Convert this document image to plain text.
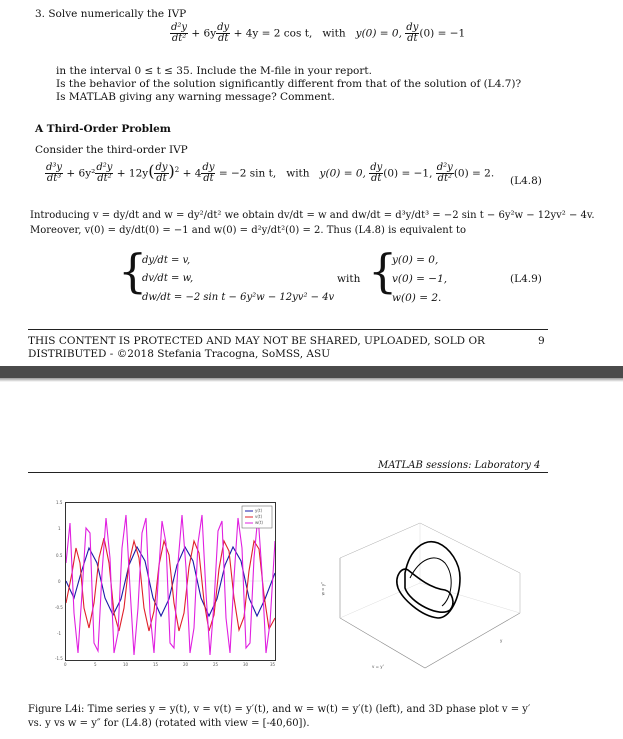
3. Solve numerically the IVP
$\frac{\text{d²y}}{\text{dt²}} + 6y \frac{dy}{dt} + 4y = 2$ cos t, with y(0) = 0, $\frac{dy}{dt} (0) = -1$
in the interval 0 ≤ t ≤ 35. Include the M-file in your report.
Is the behavior of the solution significantly different from that of the solution of (L4.7)?
Is MATLAB giving any warning message? Comment.
A Third-Order Problem
Consider the third-order IVP
$\frac{\text{d³y}}{\text{dt³}} + 6y^2 \frac{\text{d²y}}{\text{dt²}} + 12y( \frac{dy}{dt} )^2 + 4 \frac{dy}{dt} = -2$ sin t, with y(0) = 0, $\frac{dy}{dt} (0) = -1$, $\frac{\text{d²y}}{\text{dt²}} (0) = 2$.
(L4.8)
Introducing v = dy/dt and w = dy²/dt² we obtain dv/dt = w and dw/dt = d³y/dt³ = −2 sin t − 6y²w − 12yv² − 4v.
Moreover, v(0) = dy/dt(0) = −1 and w(0) = d²y/dt²(0) = 2. Thus (L4.8) is equivalent to
{
dy/dt = v,
dv/dt = w,
dw/dt = −2 sin t − 6y²w − 12yv² − 4v
with {
y(0) = 0,
v(0) = −1,
w(0) = 2.
(L4.9)
THIS CONTENT IS PROTECTED AND MAY NOT BE SHARED, UPLOADED, SOLD OR
DISTRIBUTED - ©2018 Stefania Tracogna, SoMSS, ASU
9
MATLAB sessions: Laboratory 4
y(t)
v(t)
w(t)
1.5
1
0.5
0
-0.5
-1
-1.5
0	5	10	15	20	25	30	35
w = y''
v = y'
y
Figure L4i: Time series y = y(t), v = v(t) = y′(t), and w = w(t) = y′(t) (left), and 3D phase plot v = y′
vs. y vs w = y″ for (L4.8) (rotated with view = [-40,60]).
